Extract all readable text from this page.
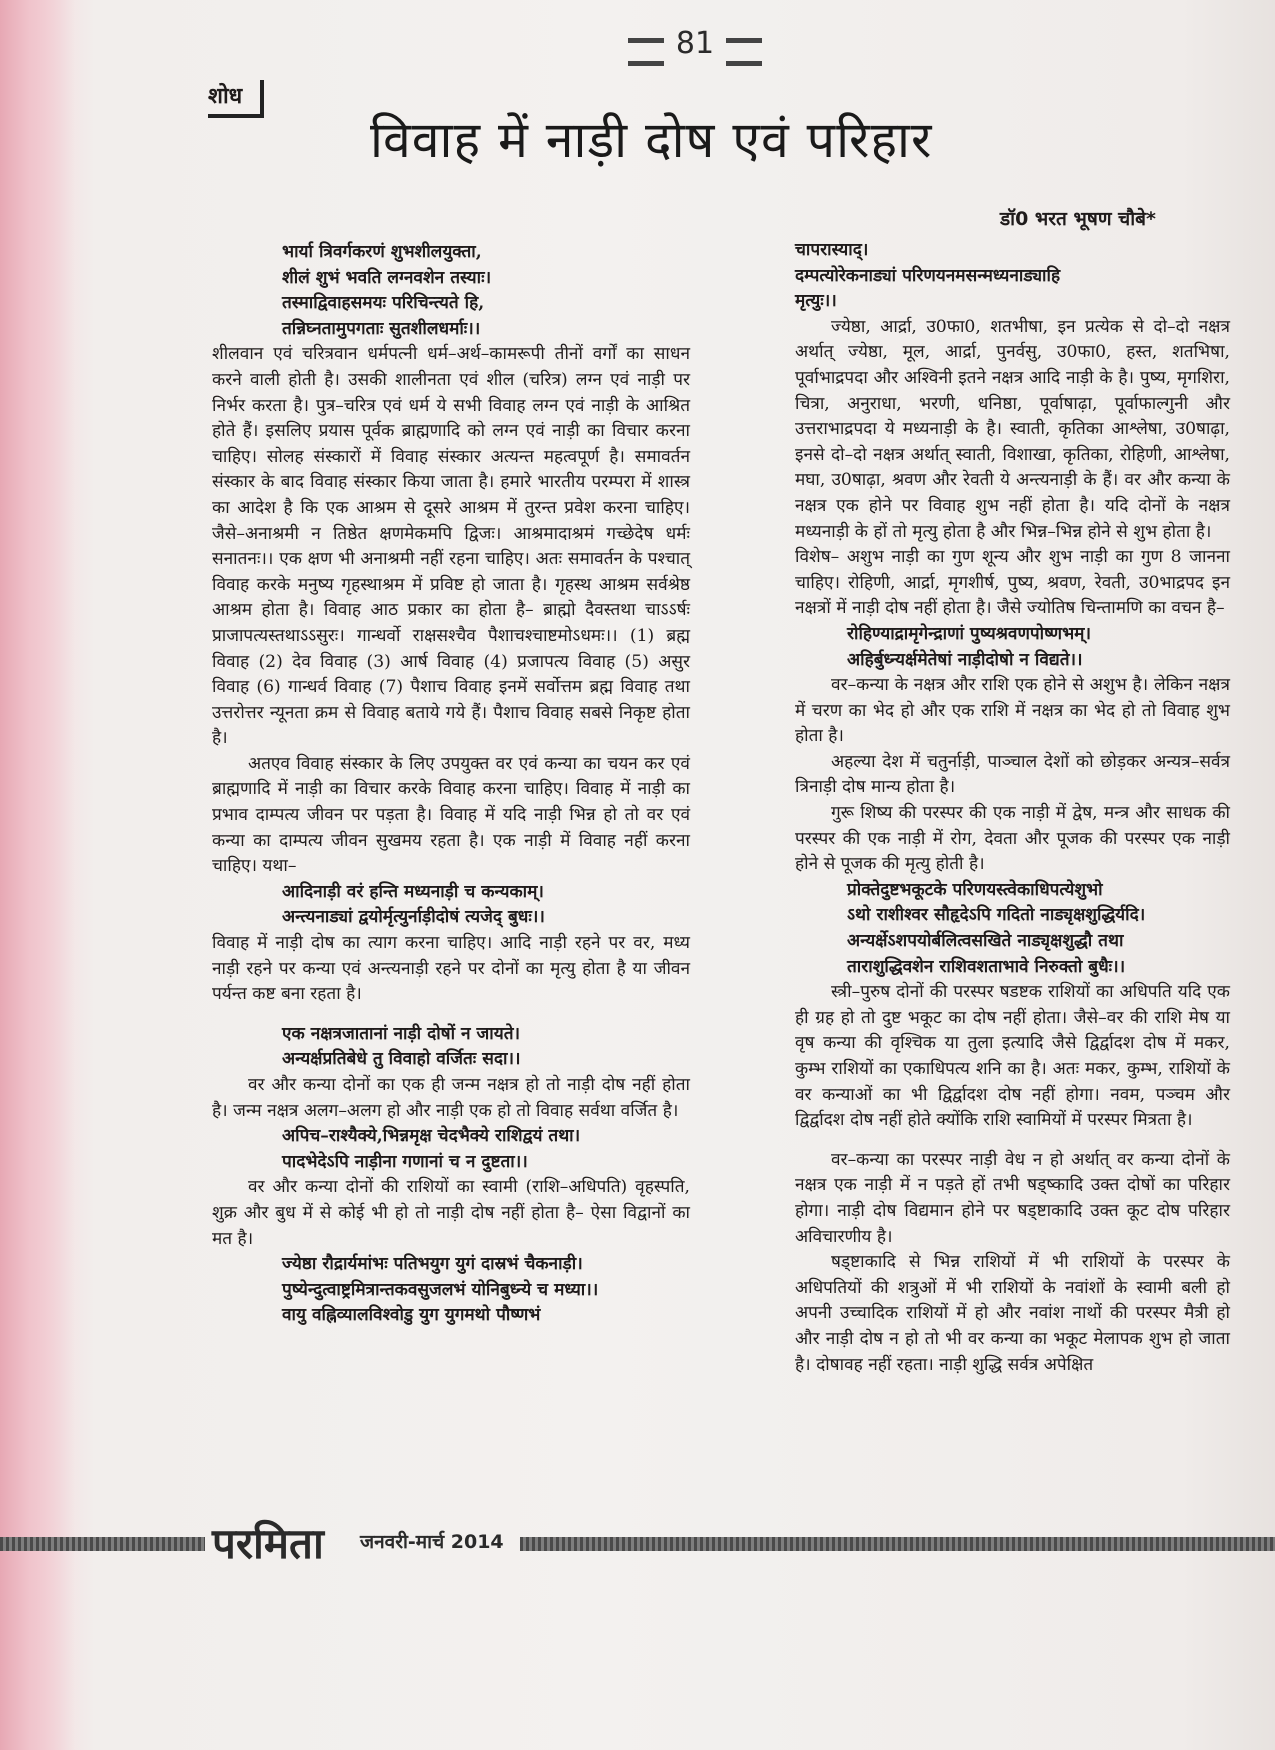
81
शोध
विवाह में नाड़ी दोष एवं परिहार
डॉ0 भरत भूषण चौबे*

भार्या त्रिवर्गकरणं शुभशीलयुक्ता,

शीलं शुभं भवति लग्नवशेन तस्याः।

तस्माद्विवाहसमयः परिचिन्त्यते हि,

तन्निघ्नतामुपगताः सुतशीलधर्माः।।

शीलवान एवं चरित्रवान धर्मपत्नी धर्म–अर्थ–कामरूपी तीनों वर्गों का साधन करने वाली होती है। उसकी शालीनता एवं शील (चरित्र) लग्न एवं नाड़ी पर निर्भर करता है। पुत्र–चरित्र एवं धर्म ये सभी विवाह लग्न एवं नाड़ी के आश्रित होते हैं। इसलिए प्रयास पूर्वक ब्राह्मणादि को लग्न एवं नाड़ी का विचार करना चाहिए। सोलह संस्कारों में विवाह संस्कार अत्यन्त महत्वपूर्ण है। समावर्तन संस्कार के बाद विवाह संस्कार किया जाता है। हमारे भारतीय परम्परा में शास्त्र का आदेश है कि एक आश्रम से दूसरे आश्रम में तुरन्त प्रवेश करना चाहिए। जैसे–अनाश्रमी न तिष्ठेत क्षणमेकमपि द्विजः। आश्रमादाश्रमं गच्छेदेष धर्मः सनातनः।। एक क्षण भी अनाश्रमी नहीं रहना चाहिए। अतः समावर्तन के पश्चात् विवाह करके मनुष्य गृहस्थाश्रम में प्रविष्ट हो जाता है। गृहस्थ आश्रम सर्वश्रेष्ठ आश्रम होता है। विवाह आठ प्रकार का होता है– ब्राह्मो दैवस्तथा चाऽऽर्षः प्राजापत्यस्तथाऽऽसुरः। गान्धर्वो राक्षसश्चैव पैशाचश्चाष्टमोऽधमः।। (1) ब्रह्म विवाह (2) देव विवाह (3) आर्ष विवाह (4) प्रजापत्य विवाह (5) असुर विवाह (6) गान्धर्व विवाह (7) पैशाच विवाह इनमें सर्वोत्तम ब्रह्म विवाह तथा उत्तरोत्तर न्यूनता क्रम से विवाह बताये गये हैं। पैशाच विवाह सबसे निकृष्ट होता है।

अतएव विवाह संस्कार के लिए उपयुक्त वर एवं कन्या का चयन कर एवं ब्राह्मणादि में नाड़ी का विचार करके विवाह करना चाहिए। विवाह में नाड़ी का प्रभाव दाम्पत्य जीवन पर पड़ता है। विवाह में यदि नाड़ी भिन्न हो तो वर एवं कन्या का दाम्पत्य जीवन सुखमय रहता है। एक नाड़ी में विवाह नहीं करना चाहिए। यथा–

आदिनाड़ी वरं हन्ति मध्यनाड़ी च कन्यकाम्।

अन्त्यनाड्यां द्वयोर्मृत्युर्नाड़ीदोषं त्यजेद् बुधः।।

विवाह में नाड़ी दोष का त्याग करना चाहिए। आदि नाड़ी रहने पर वर, मध्य नाड़ी रहने पर कन्या एवं अन्त्यनाड़ी रहने पर दोनों का मृत्यु होता है या जीवन पर्यन्त कष्ट बना रहता है।

एक नक्षत्रजातानां नाड़ी दोषों न जायते।

अन्यर्क्षप्रतिबेधे तु विवाहो वर्जितः सदा।।

वर और कन्या दोनों का एक ही जन्म नक्षत्र हो तो नाड़ी दोष नहीं होता है। जन्म नक्षत्र अलग–अलग हो और नाड़ी एक हो तो विवाह सर्वथा वर्जित है।

अपिच–राश्यैक्ये,भिन्नमृक्ष चेदभैक्ये राशिद्वयं तथा।

पादभेदेऽपि नाड़ीना गणानां च न दुष्टता।।

वर और कन्या दोनों की राशियों का स्वामी (राशि–अधिपति) वृहस्पति, शुक्र और बुध में से कोई भी हो तो नाड़ी दोष नहीं होता है– ऐसा विद्वानों का मत है।

ज्येष्ठा रौद्रार्यमांभः पतिभयुग युगं दास्रभं चैकनाड़ी।

पुष्येन्दुत्वाष्ट्रमित्रान्तकवसुजलभं योनिबुध्न्ये च मध्या।।

वायु वह्निव्यालविश्वोडु युग युगमथो पौष्णभं

चापरास्याद्।

दम्पत्योरेकनाड्यां परिणयनमसन्मध्यनाड्याहि

मृत्युः।।

ज्येष्ठा, आर्द्रा, उ0फा0, शतभीषा, इन प्रत्येक से दो–दो नक्षत्र अर्थात् ज्येष्ठा, मूल, आर्द्रा, पुनर्वसु, उ0फा0, हस्त, शतभिषा, पूर्वाभाद्रपदा और अश्विनी इतने नक्षत्र आदि नाड़ी के है। पुष्य, मृगशिरा, चित्रा, अनुराधा, भरणी, धनिष्ठा, पूर्वाषाढ़ा, पूर्वाफाल्गुनी और उत्तराभाद्रपदा ये मध्यनाड़ी के है। स्वाती, कृतिका आश्लेषा, उ0षाढ़ा, इनसे दो–दो नक्षत्र अर्थात् स्वाती, विशाखा, कृतिका, रोहिणी, आश्लेषा, मघा, उ0षाढ़ा, श्रवण और रेवती ये अन्त्यनाड़ी के हैं। वर और कन्या के नक्षत्र एक होने पर विवाह शुभ नहीं होता है। यदि दोनों के नक्षत्र मध्यनाड़ी के हों तो मृत्यु होता है और भिन्न–भिन्न होने से शुभ होता है।

विशेष– अशुभ नाड़ी का गुण शून्य और शुभ नाड़ी का गुण 8 जानना चाहिए। रोहिणी, आर्द्रा, मृगशीर्ष, पुष्य, श्रवण, रेवती, उ0भाद्रपद इन नक्षत्रों में नाड़ी दोष नहीं होता है। जैसे ज्योतिष चिन्तामणि का वचन है–

रोहिण्याद्रामृगेन्द्राणां पुष्यश्रवणपोष्णभम्।

अहिर्बुध्न्यर्क्षमेतेषां नाड़ीदोषो न विद्यते।।

वर–कन्या के नक्षत्र और राशि एक होने से अशुभ है। लेकिन नक्षत्र में चरण का भेद हो और एक राशि में नक्षत्र का भेद हो तो विवाह शुभ होता है।

अहल्या देश में चतुर्नाड़ी, पाञ्चाल देशों को छोड़कर अन्यत्र–सर्वत्र त्रिनाड़ी दोष मान्य होता है।

गुरू शिष्य की परस्पर की एक नाड़ी में द्वेष, मन्त्र और साधक की परस्पर की एक नाड़ी में रोग, देवता और पूजक की परस्पर एक नाड़ी होने से पूजक की मृत्यु होती है।

प्रोक्तेदुष्टभकूटके परिणयस्त्वेकाधिपत्येशुभो

ऽथो राशीश्वर सौहृदेऽपि गदितो नाड्यृक्षशुद्धिर्यदि।

अन्यर्क्षेऽशपयोर्बलित्वसखिते नाड्यृक्षशुद्धौ तथा

ताराशुद्धिवशेन राशिवशताभावे निरुक्तो बुधैः।।

स्त्री–पुरुष दोनों की परस्पर षडष्टक राशियों का अधिपति यदि एक ही ग्रह हो तो दुष्ट भकूट का दोष नहीं होता। जैसे–वर की राशि मेष या वृष कन्या की वृश्चिक या तुला इत्यादि जैसे द्विर्द्वादश दोष में मकर, कुम्भ राशियों का एकाधिपत्य शनि का है। अतः मकर, कुम्भ, राशियों के वर कन्याओं का भी द्विर्द्वादश दोष नहीं होगा। नवम, पञ्चम और द्विर्द्वादश दोष नहीं होते क्योंकि राशि स्वामियों में परस्पर मित्रता है।

वर–कन्या का परस्पर नाड़ी वेध न हो अर्थात् वर कन्या दोनों के नक्षत्र एक नाड़ी में न पड़ते हों तभी षड्ष्कादि उक्त दोषों का परिहार होगा। नाड़ी दोष विद्यमान होने पर षड्ष्टाकादि उक्त कूट दोष परिहार अविचारणीय है।

षड्ष्टाकादि से भिन्न राशियों में भी राशियों के परस्पर के अधिपतियों की शत्रुओं में भी राशियों के नवांशों के स्वामी बली हो अपनी उच्चादिक राशियों में हो और नवांश नाथों की परस्पर मैत्री हो और नाड़ी दोष न हो तो भी वर कन्या का भकूट मेलापक शुभ हो जाता है। दोषावह नहीं रहता। नाड़ी शुद्धि सर्वत्र अपेक्षित

परमिता जनवरी-मार्च 2014
